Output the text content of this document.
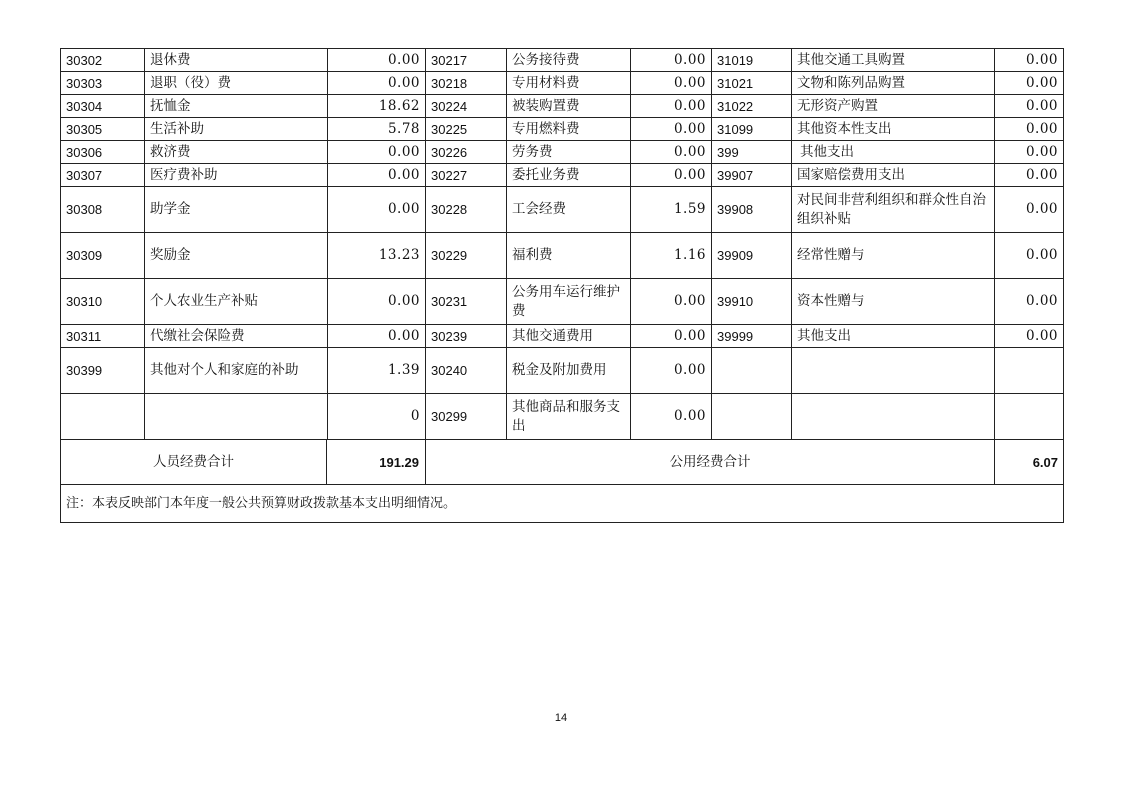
30302	退休费	0.00	30217	公务接待费	0.00	31019	其他交通工具购置	0.00
30303	退职（役）费	0.00	30218	专用材料费	0.00	31021	文物和陈列品购置	0.00
30304	抚恤金	18.62	30224	被装购置费	0.00	31022	无形资产购置	0.00
30305	生活补助	5.78	30225	专用燃料费	0.00	31099	其他资本性支出	0.00
30306	救济费	0.00	30226	劳务费	0.00	399	其他支出	0.00
30307	医疗费补助	0.00	30227	委托业务费	0.00	39907	国家赔偿费用支出	0.00
30308	助学金	0.00	30228	工会经费	1.59	39908	对民间非营利组织和群众性自治组织补贴	0.00
30309	奖励金	13.23	30229	福利费	1.16	39909	经常性赠与	0.00
30310	个人农业生产补贴	0.00	30231	公务用车运行维护费	0.00	39910	资本性赠与	0.00
30311	代缴社会保险费	0.00	30239	其他交通费用	0.00	39999	其他支出	0.00
30399	其他对个人和家庭的补助	1.39	30240	税金及附加费用	0.00			
		0	30299	其他商品和服务支出	0.00			

人员经费合计 191.29			公用经费合计					6.07
注：本表反映部门本年度一般公共预算财政拨款基本支出明细情况。								
14
